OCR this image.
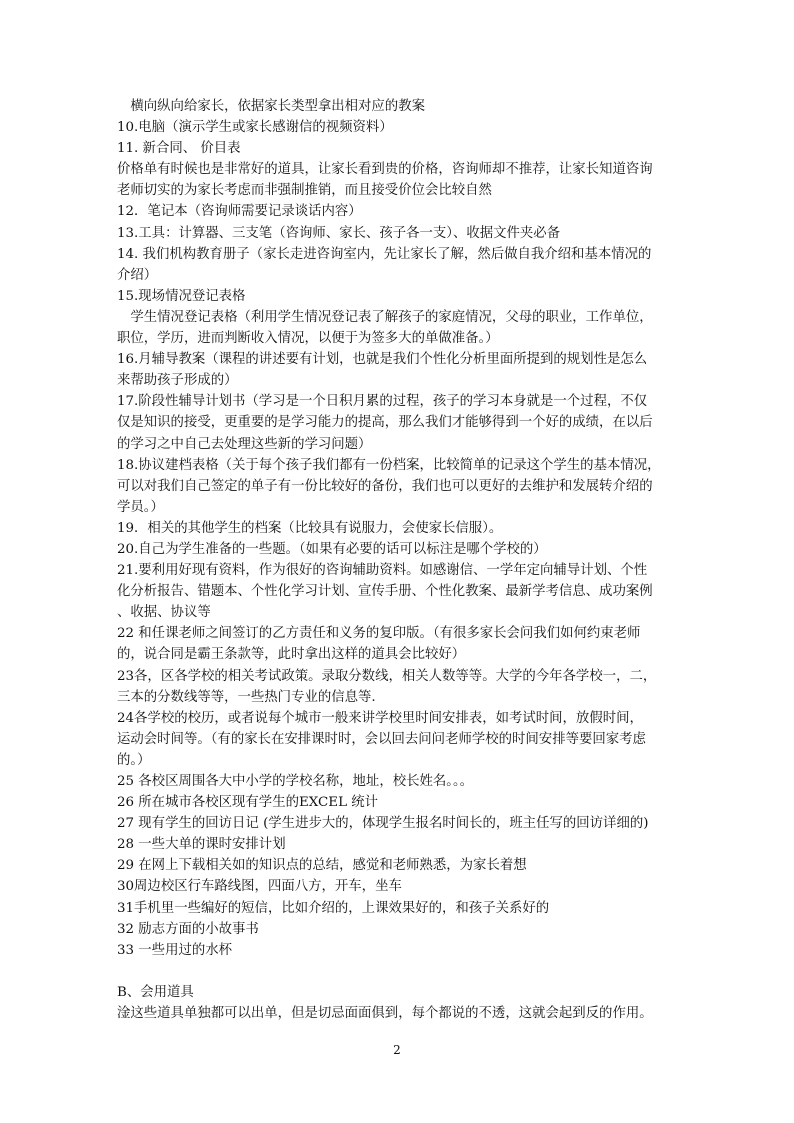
　横向纵向给家长，依据家长类型拿出相对应的教案
10.电脑（演示学生或家长感谢信的视频资料）
11. 新合同、 价目表
价格单有时候也是非常好的道具，让家长看到贵的价格，咨询师却不推荐，让家长知道咨询
老师切实的为家长考虑而非强制推销，而且接受价位会比较自然
12．笔记本（咨询师需要记录谈话内容）
13.工具：计算器、三支笔（咨询师、家长、孩子各一支）、收据文件夹必备
14. 我们机构教育册子（家长走进咨询室内，先让家长了解，然后做自我介绍和基本情况的
介绍）
15.现场情况登记表格
　学生情况登记表格（利用学生情况登记表了解孩子的家庭情况，父母的职业，工作单位，
职位，学历，进而判断收入情况，以便于为签多大的单做准备。）
16.月辅导教案（课程的讲述要有计划，也就是我们个性化分析里面所提到的规划性是怎么
来帮助孩子形成的）
17.阶段性辅导计划书（学习是一个日积月累的过程，孩子的学习本身就是一个过程，不仅
仅是知识的接受，更重要的是学习能力的提高，那么我们才能够得到一个好的成绩，在以后
的学习之中自己去处理这些新的学习问题）
18.协议建档表格（关于每个孩子我们都有一份档案，比较简单的记录这个学生的基本情况，
可以对我们自己签定的单子有一份比较好的备份，我们也可以更好的去维护和发展转介绍的
学员。）
19．相关的其他学生的档案（比较具有说服力，会使家长信服）。
20.自己为学生准备的一些题。（如果有必要的话可以标注是哪个学校的）
21.要利用好现有资料，作为很好的咨询辅助资料。如感谢信、一学年定向辅导计划、个性
化分析报告、错题本、个性化学习计划、宣传手册、个性化教案、最新学考信息、成功案例
、收据、协议等
22 和任课老师之间签订的乙方责任和义务的复印版。（有很多家长会问我们如何约束老师
的，说合同是霸王条款等，此时拿出这样的道具会比较好）
23各，区各学校的相关考试政策。录取分数线，相关人数等等。大学的今年各学校一，二，
三本的分数线等等，一些热门专业的信息等.
24各学校的校历，或者说每个城市一般来讲学校里时间安排表，如考试时间，放假时间，
运动会时间等。（有的家长在安排课时时，会以回去问问老师学校的时间安排等要回家考虑
的。）
25 各校区周围各大中小学的学校名称，地址，校长姓名。。。
26 所在城市各校区现有学生的EXCEL 统计
27 现有学生的回访日记 (学生进步大的，体现学生报名时间长的，班主任写的回访详细的)
28 一些大单的课时安排计划
29 在网上下载相关如的知识点的总结，感觉和老师熟悉，为家长着想
30周边校区行车路线图，四面八方，开车，坐车
31手机里一些编好的短信，比如介绍的，上课效果好的，和孩子关系好的
32 励志方面的小故事书
33 一些用过的水杯
B、会用道具
淦这些道具单独都可以出单，但是切忌面面俱到，每个都说的不透，这就会起到反的作用。
2
